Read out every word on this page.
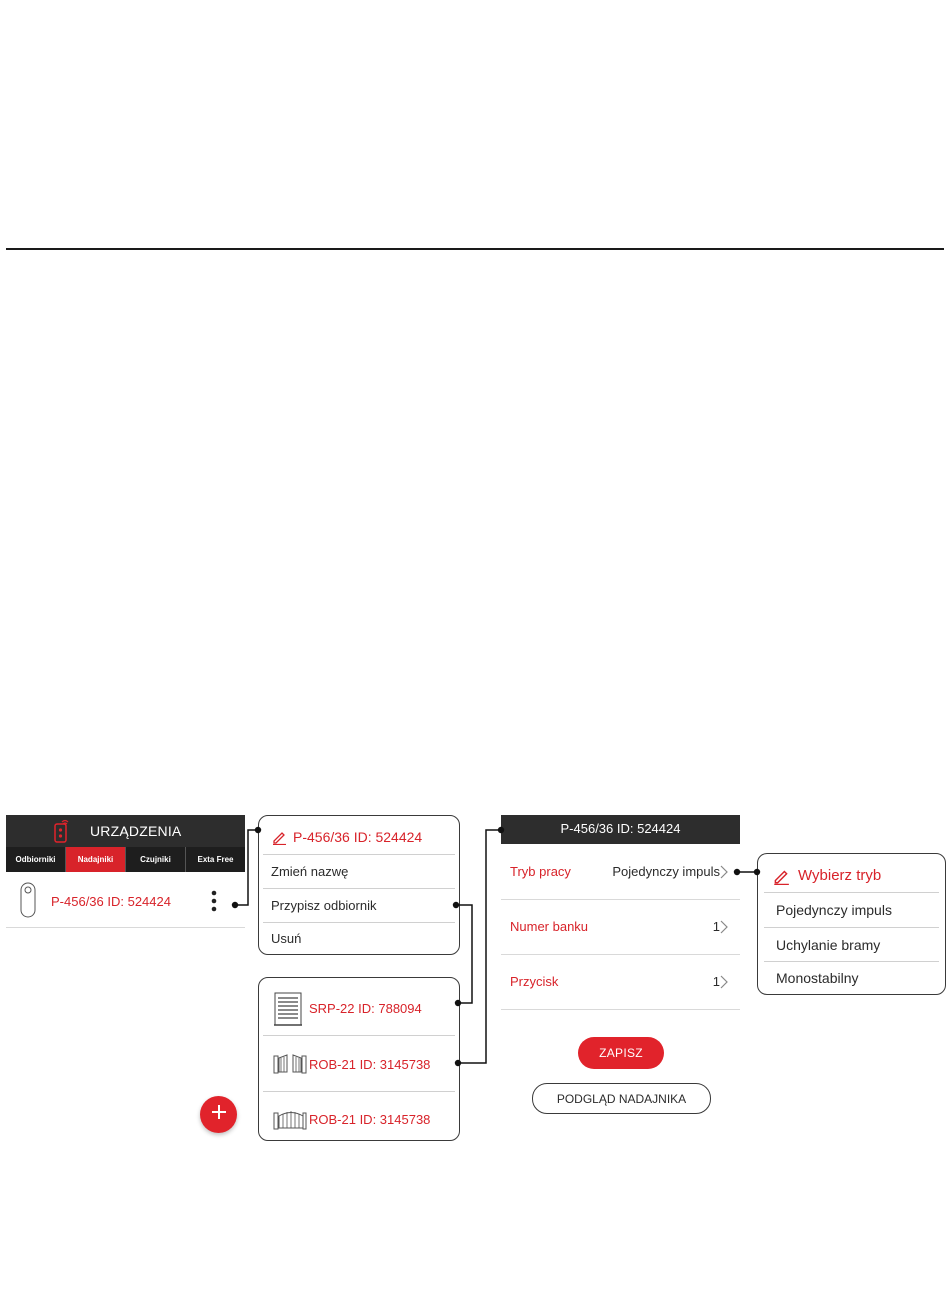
URZĄDZENIA
Odbiorniki	Nadajniki	Czujniki	Exta Free
P-456/36 ID: 524424
P-456/36 ID: 524424
Zmień nazwę
Przypisz odbiornik
Usuń
SRP-22 ID: 788094
ROB-21 ID: 3145738
ROB-21 ID: 3145738
P-456/36 ID: 524424
Tryb pracy	Pojedynczy impuls
Numer banku	1
Przycisk	1
ZAPISZ
PODGLĄD NADAJNIKA
Wybierz tryb
Pojedynczy impuls
Uchylanie bramy
Monostabilny
